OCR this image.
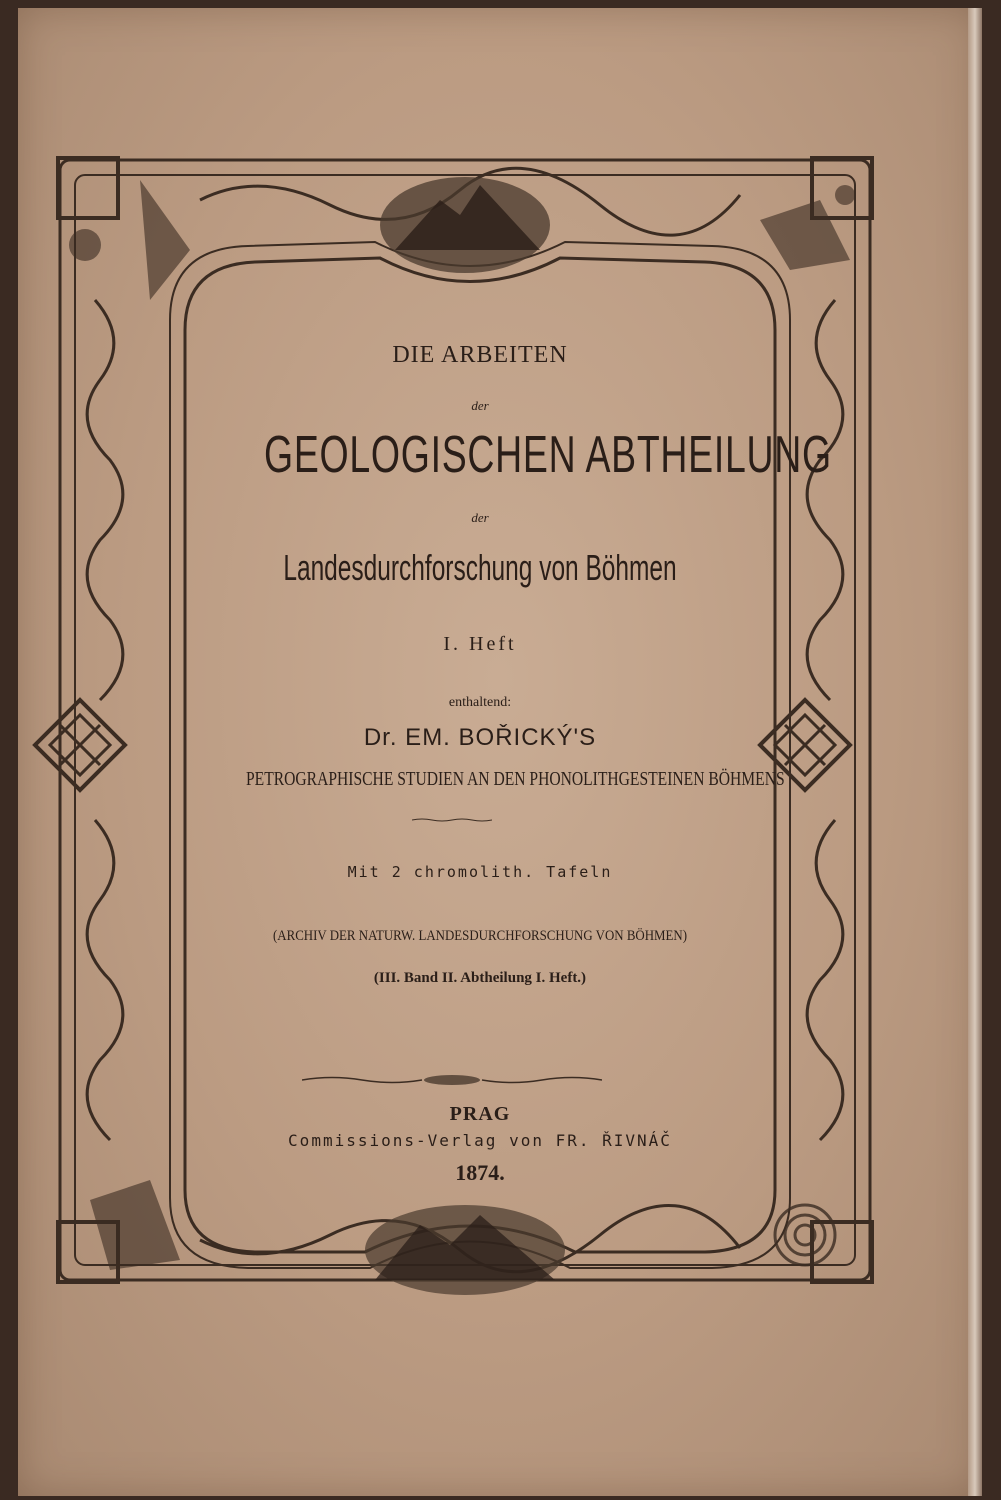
DIE ARBEITEN
der
GEOLOGISCHEN ABTHEILUNG
der
Landesdurchforschung von Böhmen
I. Heft
enthaltend:
Dr. EM. BOŘICKÝ'S
PETROGRAPHISCHE STUDIEN AN DEN PHONOLITHGESTEINEN BÖHMENS
Mit 2 chromolith. Tafeln
(ARCHIV DER NATURW. LANDESDURCHFORSCHUNG VON BÖHMEN)
(III. Band II. Abtheilung I. Heft.)
PRAG
Commissions-Verlag von FR. ŘIVNÁČ
1874.
